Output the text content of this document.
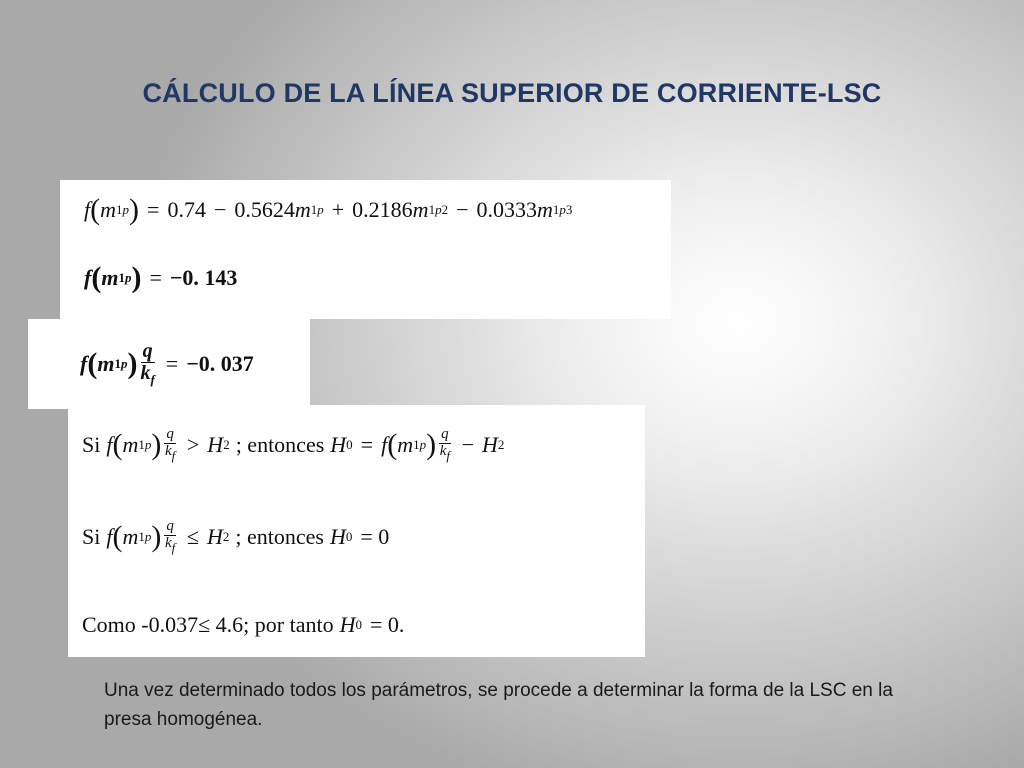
CÁLCULO DE LA LÍNEA SUPERIOR DE CORRIENTE-LSC
f ( m 1p ) = 0.74 − 0.5624 m 1p + 0.2186 m 1p 2 − 0.0333 m 1p 3
f ( m 1p ) = −0. 143
f ( m 1p ) $\frac{q}{k_f} = -0$. 037
Si f ( m 1p ) $\frac{q}{k_f} > H$ 2 ; entonces H 0 = f ( m 1p ) $\frac{q}{k_f} - H$ 2
Si f ( m 1p ) $\frac{q}{k_f} \le H$ 2 ; entonces H 0 = 0
Como -0.037≤ 4.6; por tanto H 0 = 0.
Una vez determinado todos los parámetros, se procede a determinar la forma de la LSC en la presa homogénea.
